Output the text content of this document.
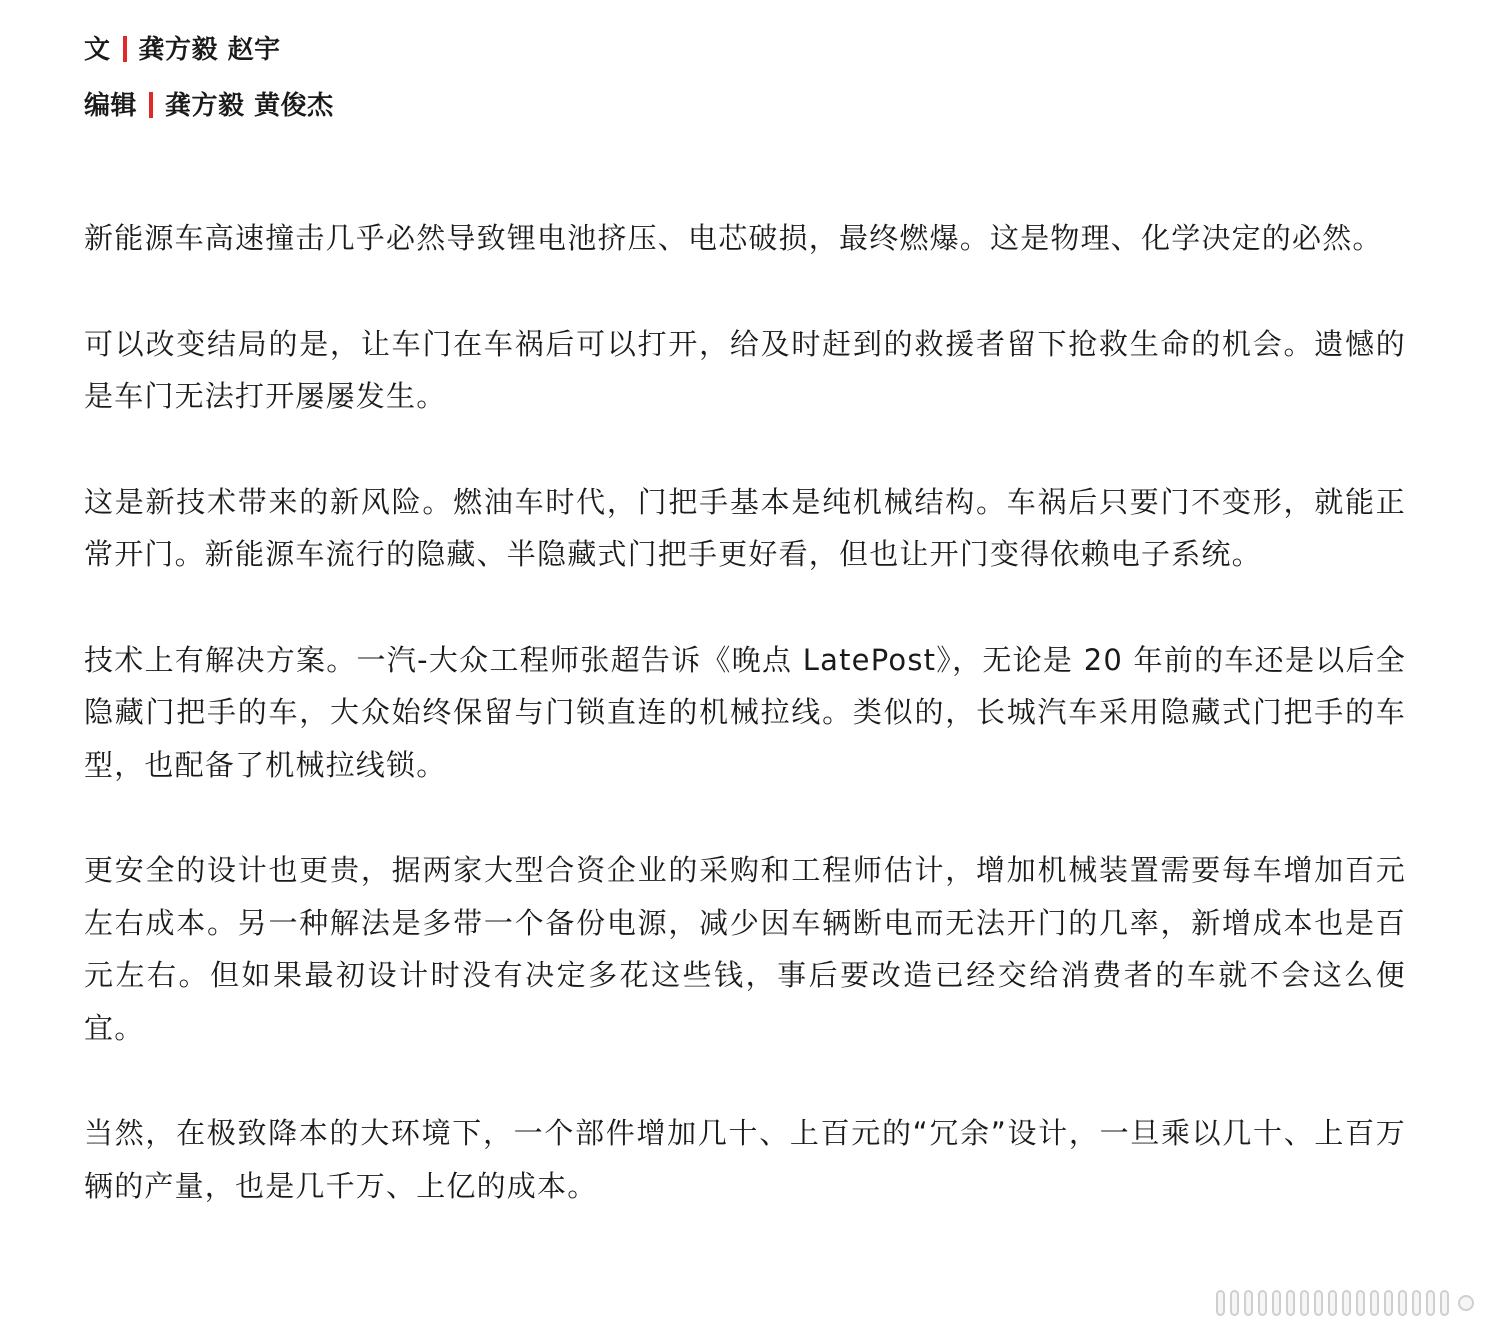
文 龚方毅 赵宇
编辑 龚方毅 黄俊杰

新能源车高速撞击几乎必然导致锂电池挤压、电芯破损，最终燃爆。这是物理、化学决定的必然。

可以改变结局的是，让车门在车祸后可以打开，给及时赶到的救援者留下抢救生命的机会。遗憾的是车门无法打开屡屡发生。

这是新技术带来的新风险。燃油车时代，门把手基本是纯机械结构。车祸后只要门不变形，就能正常开门。新能源车流行的隐藏、半隐藏式门把手更好看，但也让开门变得依赖电子系统。

技术上有解决方案。一汽-大众工程师张超告诉《晚点 LatePost》，无论是 20 年前的车还是以后全隐藏门把手的车，大众始终保留与门锁直连的机械拉线。类似的，长城汽车采用隐藏式门把手的车型，也配备了机械拉线锁。

更安全的设计也更贵，据两家大型合资企业的采购和工程师估计，增加机械装置需要每车增加百元左右成本。另一种解法是多带一个备份电源，减少因车辆断电而无法开门的几率，新增成本也是百元左右。但如果最初设计时没有决定多花这些钱，事后要改造已经交给消费者的车就不会这么便宜。

当然，在极致降本的大环境下，一个部件增加几十、上百元的“冗余”设计，一旦乘以几十、上百万辆的产量，也是几千万、上亿的成本。
